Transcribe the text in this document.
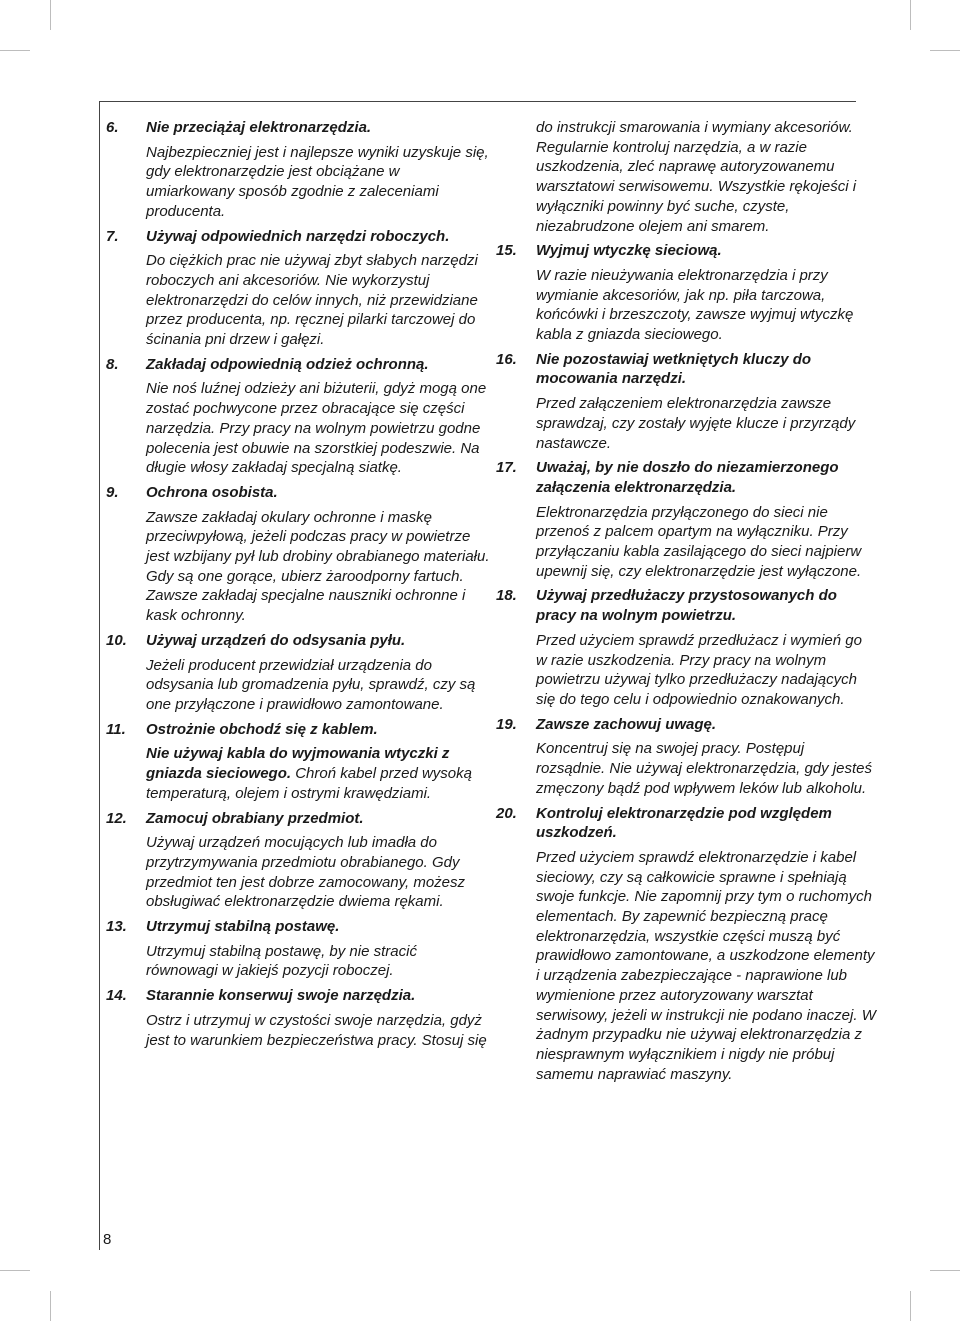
6. Nie przeciążaj elektronarzędzia.

Najbezpieczniej jest i najlepsze wyniki uzyskuje się, gdy elektronarzędzie jest obciążane w umiarkowany sposób zgodnie z zaleceniami producenta.

7. Używaj odpowiednich narzędzi roboczych.

Do ciężkich prac nie używaj zbyt słabych narzędzi roboczych ani akcesoriów. Nie wykorzystuj elektronarzędzi do celów innych, niż przewidziane przez producenta, np. ręcznej pilarki tarczowej do ścinania pni drzew i gałęzi.

8. Zakładaj odpowiednią odzież ochronną.

Nie noś luźnej odzieży ani biżuterii, gdyż mogą one zostać pochwycone przez obracające się części narzędzia. Przy pracy na wolnym powietrzu godne polecenia jest obuwie na szorstkiej podeszwie. Na długie włosy zakładaj specjalną siatkę.

9. Ochrona osobista.

Zawsze zakładaj okulary ochronne i maskę przeciwpyłową, jeżeli podczas pracy w powietrze jest wzbijany pył lub drobiny obrabianego materiału. Gdy są one gorące, ubierz żaroodporny fartuch. Zawsze zakładaj specjalne nauszniki ochronne i kask ochronny.

10. Używaj urządzeń do odsysania pyłu.

Jeżeli producent przewidział urządzenia do odsysania lub gromadzenia pyłu, sprawdź, czy są one przyłączone i prawidłowo zamontowane.

11. Ostrożnie obchodź się z kablem.

Nie używaj kabla do wyjmowania wtyczki z gniazda sieciowego. Chroń kabel przed wysoką temperaturą, olejem i ostrymi krawędziami.

12. Zamocuj obrabiany przedmiot.

Używaj urządzeń mocujących lub imadła do przytrzymywania przedmiotu obrabianego. Gdy przedmiot ten jest dobrze zamocowany, możesz obsługiwać elektronarzędzie dwiema rękami.

13. Utrzymuj stabilną postawę.

Utrzymuj stabilną postawę, by nie stracić równowagi w jakiejś pozycji roboczej.

14. Starannie konserwuj swoje narzędzia.

Ostrz i utrzymuj w czystości swoje narzędzia, gdyż jest to warunkiem bezpieczeństwa pracy. Stosuj się

do instrukcji smarowania i wymiany akcesoriów. Regularnie kontroluj narzędzia, a w razie uszkodzenia, zleć naprawę autoryzowanemu warsztatowi serwisowemu. Wszystkie rękojeści i wyłączniki powinny być suche, czyste, niezabrudzone olejem ani smarem.

15. Wyjmuj wtyczkę sieciową.

W razie nieużywania elektronarzędzia i przy wymianie akcesoriów, jak np. piła tarczowa, końcówki i brzeszczoty, zawsze wyjmuj wtyczkę kabla z gniazda sieciowego.

16. Nie pozostawiaj wetkniętych kluczy do mocowania narzędzi.

Przed załączeniem elektronarzędzia zawsze sprawdzaj, czy zostały wyjęte klucze i przyrządy nastawcze.

17. Uważaj, by nie doszło do niezamierzonego załączenia elektronarzędzia.

Elektronarzędzia przyłączonego do sieci nie przenoś z palcem opartym na wyłączniku. Przy przyłączaniu kabla zasilającego do sieci najpierw upewnij się, czy elektronarzędzie jest wyłączone.

18. Używaj przedłużaczy przystosowanych do pracy na wolnym powietrzu.

Przed użyciem sprawdź przedłużacz i wymień go w razie uszkodzenia. Przy pracy na wolnym powietrzu używaj tylko przedłużaczy nadających się do tego celu i odpowiednio oznakowanych.

19. Zawsze zachowuj uwagę.

Koncentruj się na swojej pracy. Postępuj rozsądnie. Nie używaj elektronarzędzia, gdy jesteś zmęczony bądź pod wpływem leków lub alkoholu.

20. Kontroluj elektronarzędzie pod względem uszkodzeń.

Przed użyciem sprawdź elektronarzędzie i kabel sieciowy, czy są całkowicie sprawne i spełniają swoje funkcje. Nie zapomnij przy tym o ruchomych elementach. By zapewnić bezpieczną pracę elektronarzędzia, wszystkie części muszą być prawidłowo zamontowane, a uszkodzone elementy i urządzenia zabezpieczające - naprawione lub wymienione przez autoryzowany warsztat serwisowy, jeżeli w instrukcji nie podano inaczej. W żadnym przypadku nie używaj elektronarzędzia z niesprawnym wyłącznikiem i nigdy nie próbuj samemu naprawiać maszyny.

8
